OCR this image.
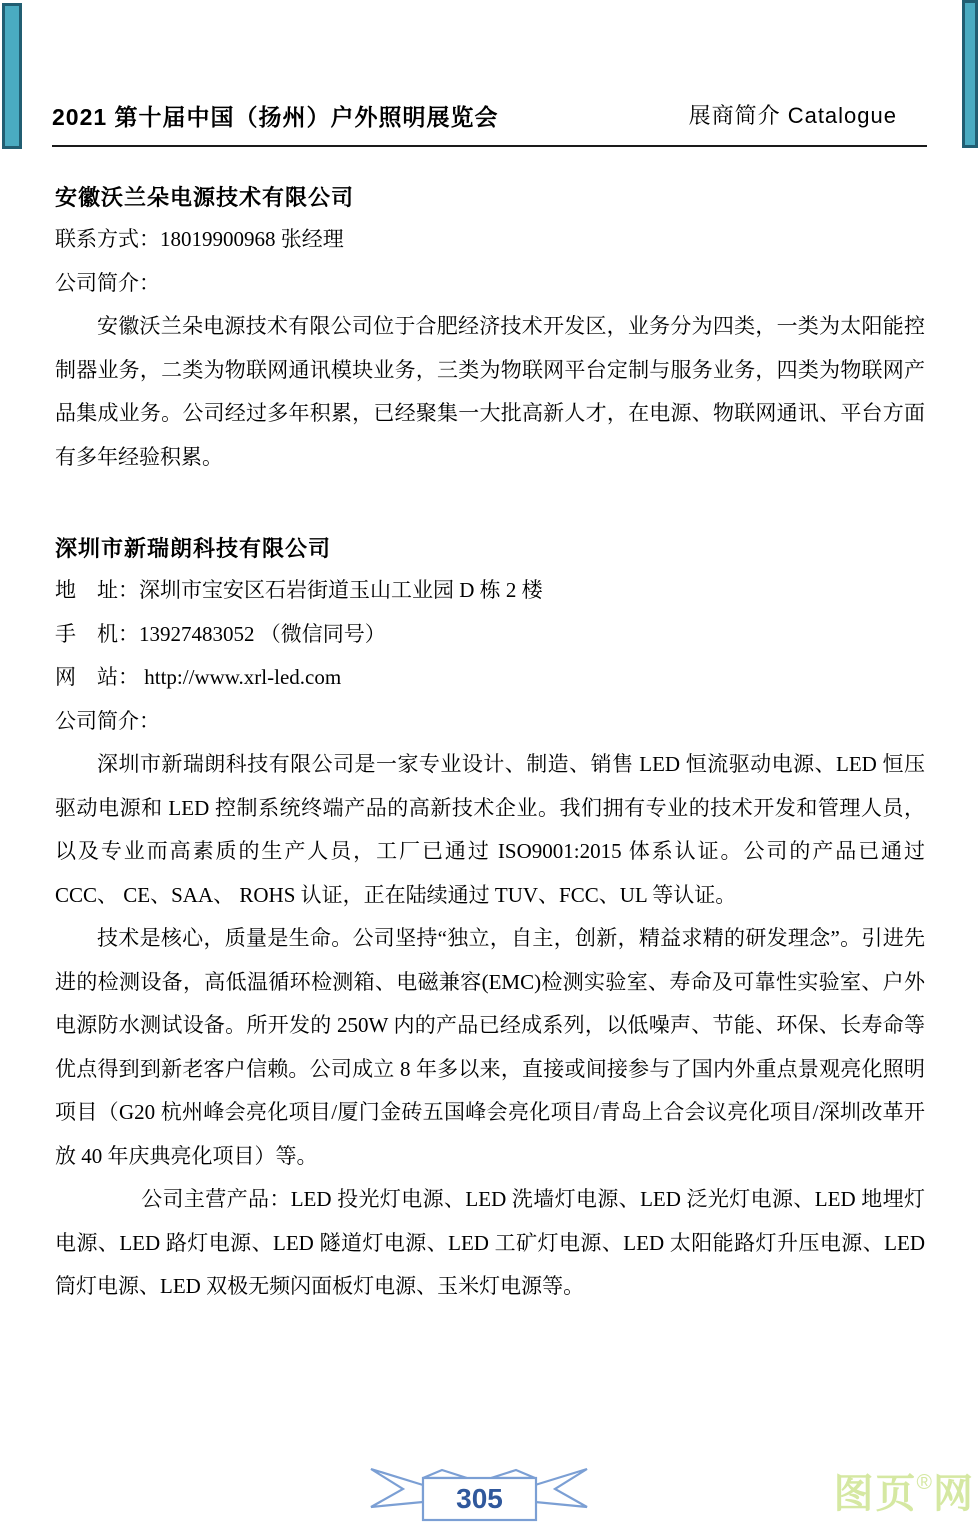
2021 第十届中国（扬州）户外照明展览会	展商简介 Catalogue
安徽沃兰朵电源技术有限公司
联系方式：18019900968 张经理
公司简介：

安徽沃兰朵电源技术有限公司位于合肥经济技术开发区，业务分为四类，一类为太阳能控制器业务，二类为物联网通讯模块业务，三类为物联网平台定制与服务业务，四类为物联网产品集成业务。公司经过多年积累，已经聚集一大批高新人才，在电源、物联网通讯、平台方面有多年经验积累。

深圳市新瑞朗科技有限公司
地　址：深圳市宝安区石岩街道玉山工业园 D 栋 2 楼
手　机：13927483052 （微信同号）
网　站： http://www.xrl-led.com
公司简介：

深圳市新瑞朗科技有限公司是一家专业设计、制造、销售 LED 恒流驱动电源、LED 恒压驱动电源和 LED 控制系统终端产品的高新技术企业。我们拥有专业的技术开发和管理人员，以及专业而高素质的生产人员，工厂已通过 ISO9001:2015 体系认证。公司的产品已通过 CCC、 CE、SAA、 ROHS 认证，正在陆续通过 TUV、FCC、UL 等认证。

技术是核心，质量是生命。公司坚持“独立，自主，创新，精益求精的研发理念”。引进先进的检测设备，高低温循环检测箱、电磁兼容(EMC)检测实验室、寿命及可靠性实验室、户外电源防水测试设备。所开发的 250W 内的产品已经成系列，以低噪声、节能、环保、长寿命等优点得到到新老客户信赖。公司成立 8 年多以来，直接或间接参与了国内外重点景观亮化照明项目（G20 杭州峰会亮化项目/厦门金砖五国峰会亮化项目/青岛上合会议亮化项目/深圳改革开放 40 年庆典亮化项目）等。

公司主营产品：LED 投光灯电源、LED 洗墙灯电源、LED 泛光灯电源、LED 地埋灯电源、LED 路灯电源、LED 隧道灯电源、LED 工矿灯电源、LED 太阳能路灯升压电源、LED 筒灯电源、LED 双极无频闪面板灯电源、玉米灯电源等。

305	图页®网
